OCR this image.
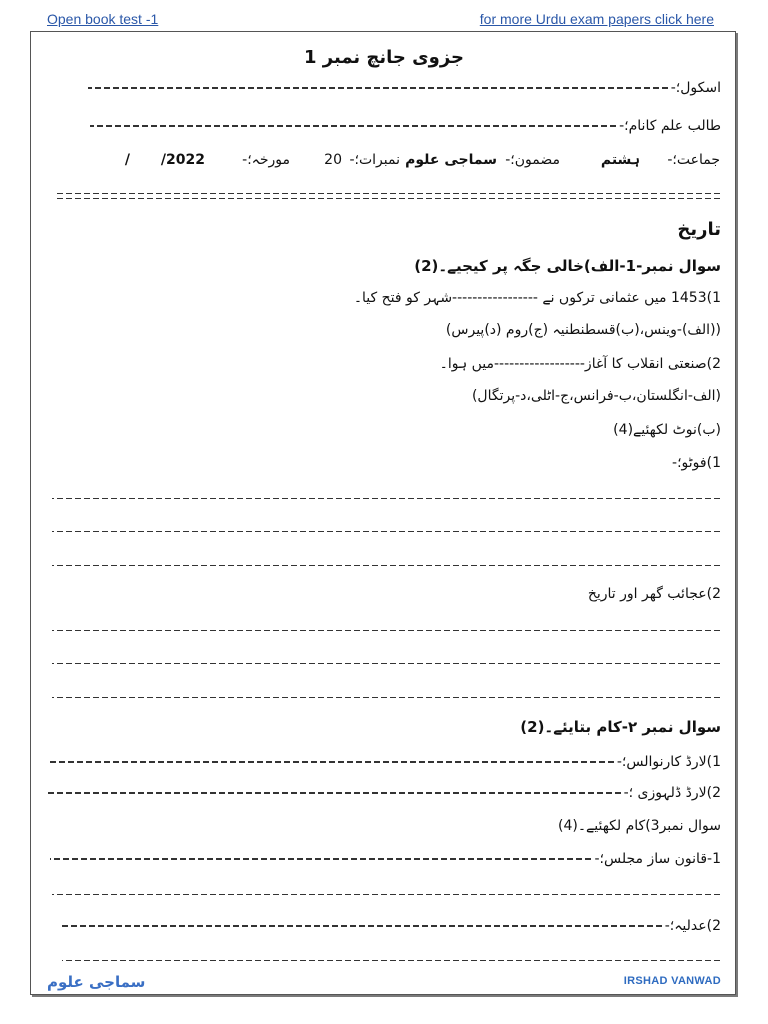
Open book test -1	for more Urdu exam papers click here
جزوی جانچ نمبر 1
اسکول؛-
طالب علم کانام؛-
جماعت؛-
ہشتم
مضمون؛-
سماجی علوم
نمبرات؛-
20
مورخہ؛-
2022/
/
تاریخ
سوال نمبر-1-الف)خالی جگہ پر کیجیے۔(2)
1)1453 میں عثمانی ترکوں نے -----------------شہر کو فتح کیا۔
((الف)-وینس،(ب)قسطنطنیہ (ج)روم (د)پیرس)
2)صنعتی انقلاب کا آغاز------------------میں ہوا۔
(الف-انگلستان،ب-فرانس،ج-اٹلی،د-پرتگال)
(ب)نوٹ لکھئیے(4)
1)فوٹو؛-
2)عجائب گھر اور تاریخ
سوال نمبر ۲-کام بتایئے۔(2)
1)لارڈ کارنوالس؛-
2)لارڈ ڈلہوزی ؛-
سوال نمبر3)کام لکھئیے۔(4)
1-قانون ساز مجلس؛-
2)عدلیہ؛-
سماجی علوم	IRSHAD VANWAD
